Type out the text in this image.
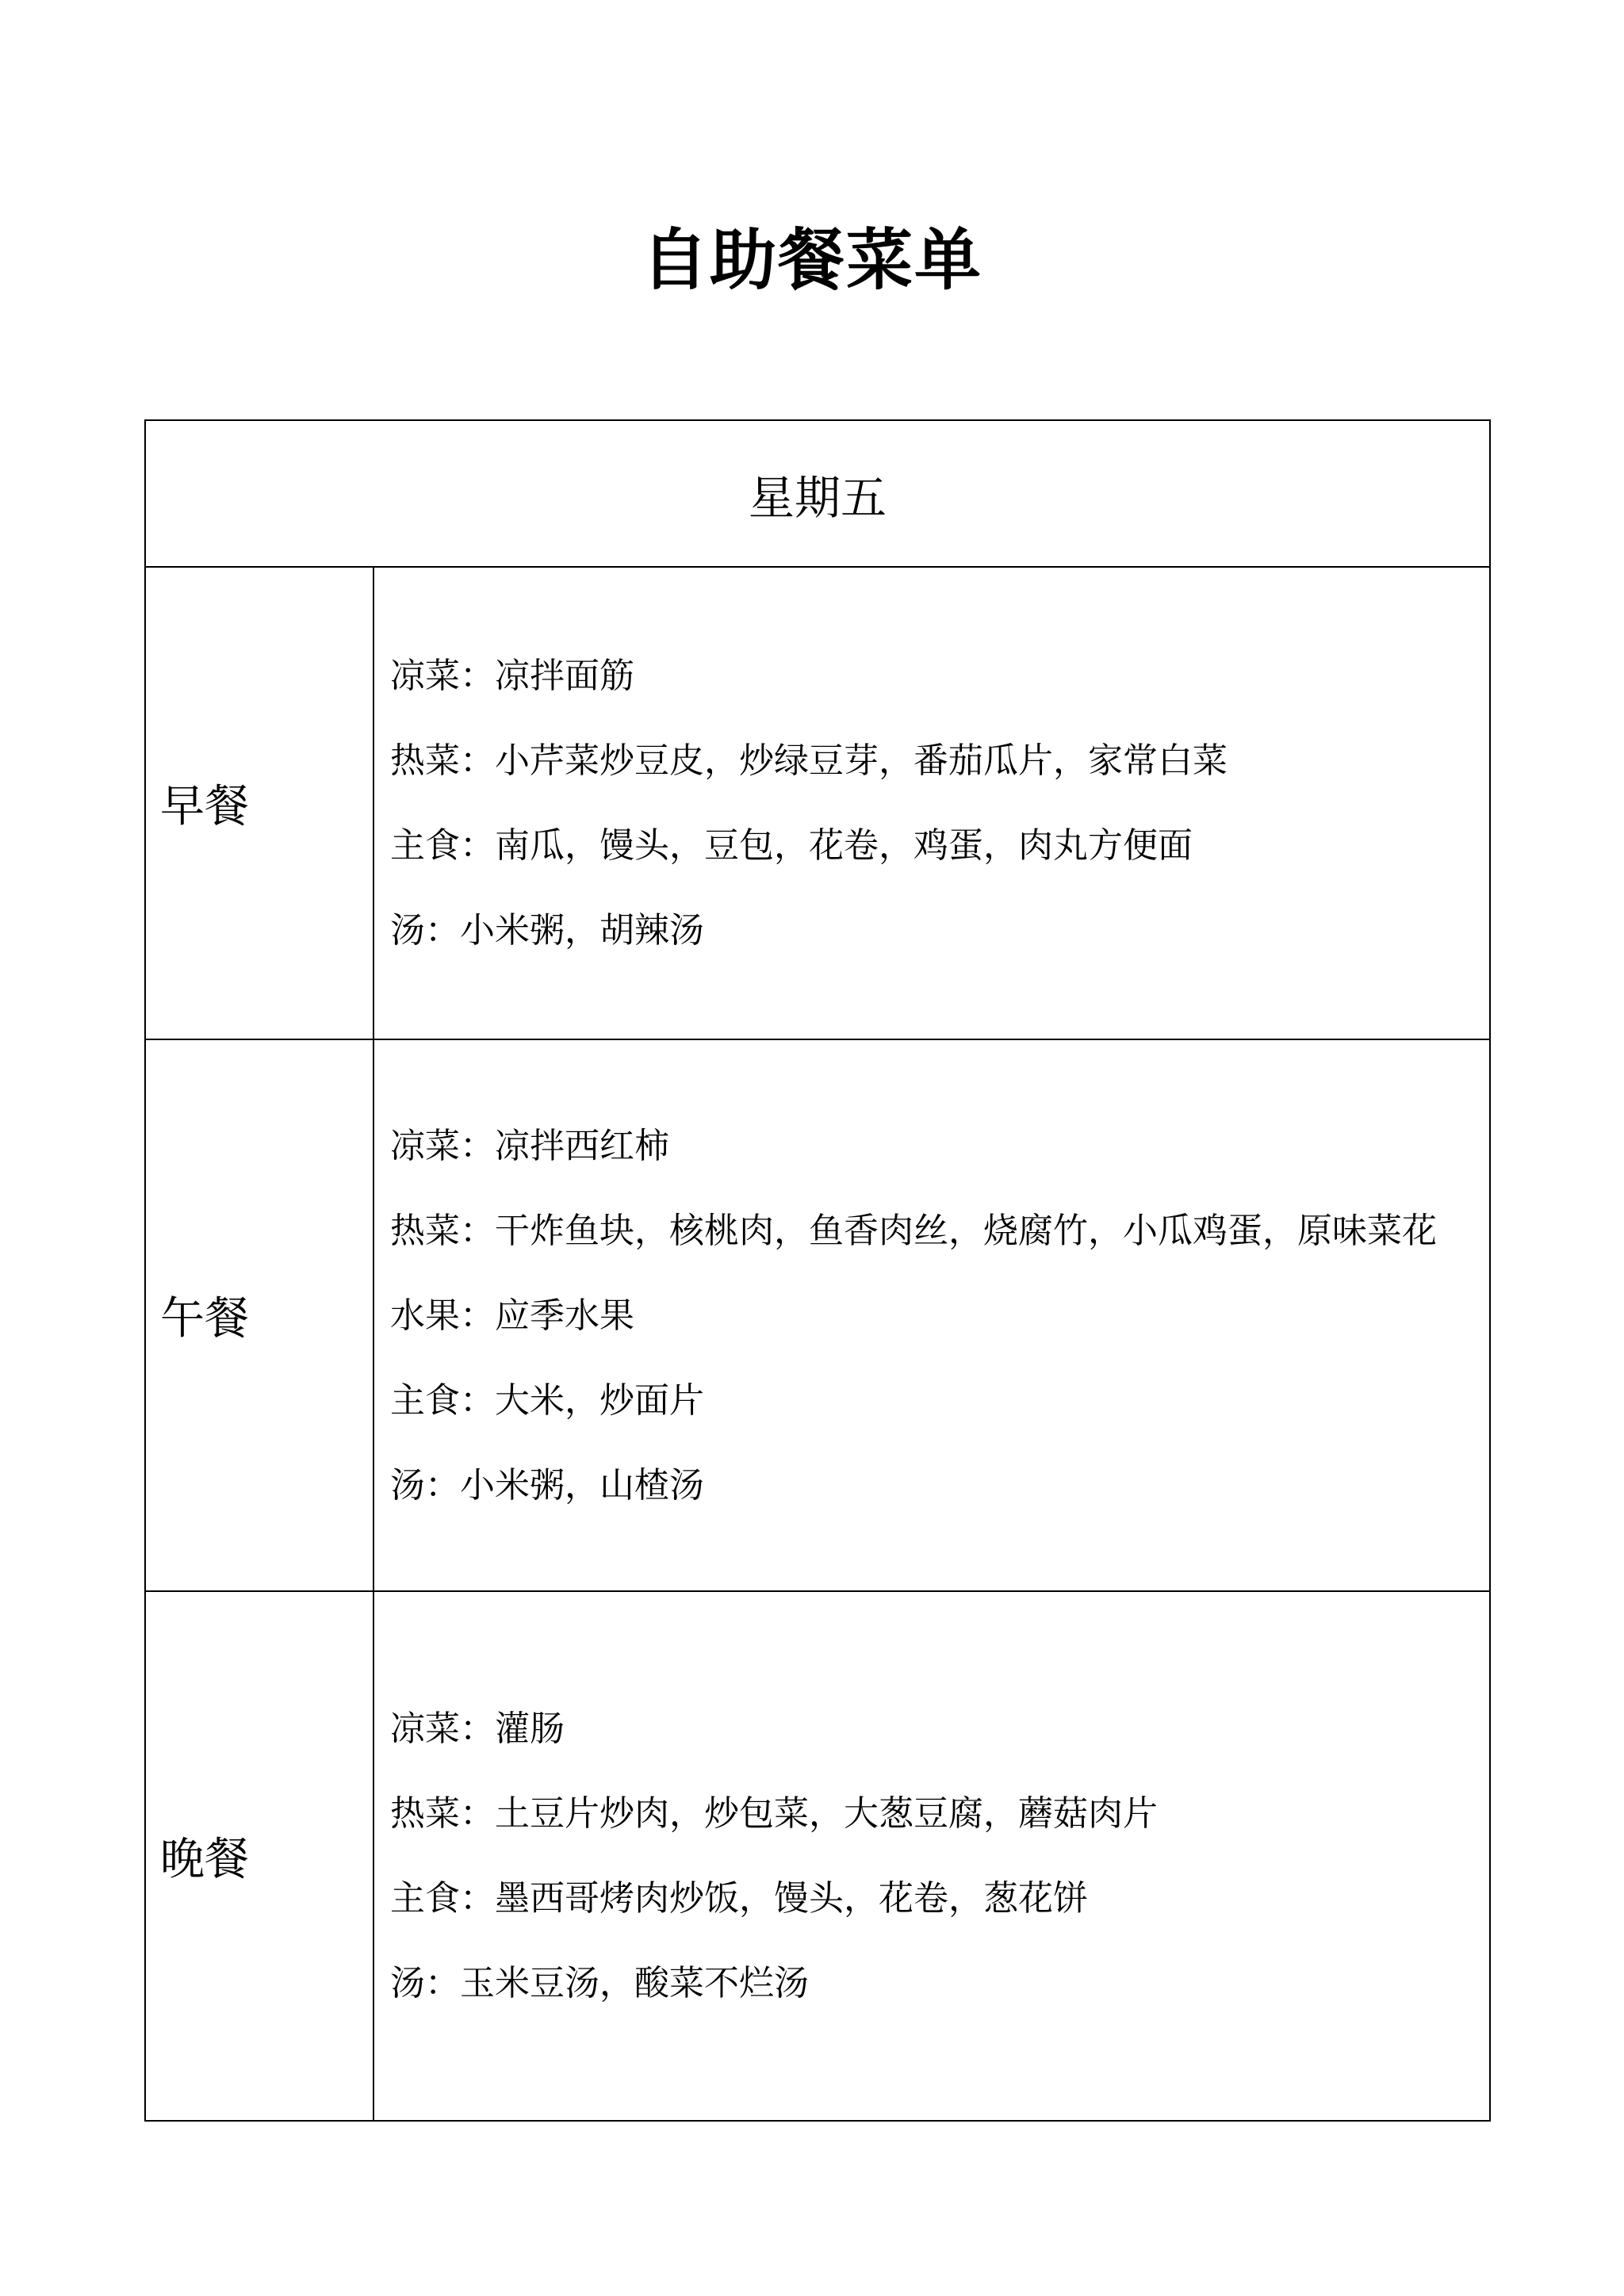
自助餐菜单
星期五	
早餐	凉菜：凉拌面筋
热菜：小芹菜炒豆皮，炒绿豆芽，番茄瓜片，家常白菜
主食：南瓜，馒头，豆包，花卷，鸡蛋，肉丸方便面
汤：小米粥，胡辣汤

午餐	凉菜：凉拌西红柿
热菜：干炸鱼块，核桃肉，鱼香肉丝，烧腐竹，小瓜鸡蛋，原味菜花
水果：应季水果
主食：大米，炒面片
汤：小米粥，山楂汤

晚餐	凉菜：灌肠
热菜：土豆片炒肉，炒包菜，大葱豆腐，蘑菇肉片
主食：墨西哥烤肉炒饭，馒头，花卷，葱花饼
汤：玉米豆汤，酸菜不烂汤
